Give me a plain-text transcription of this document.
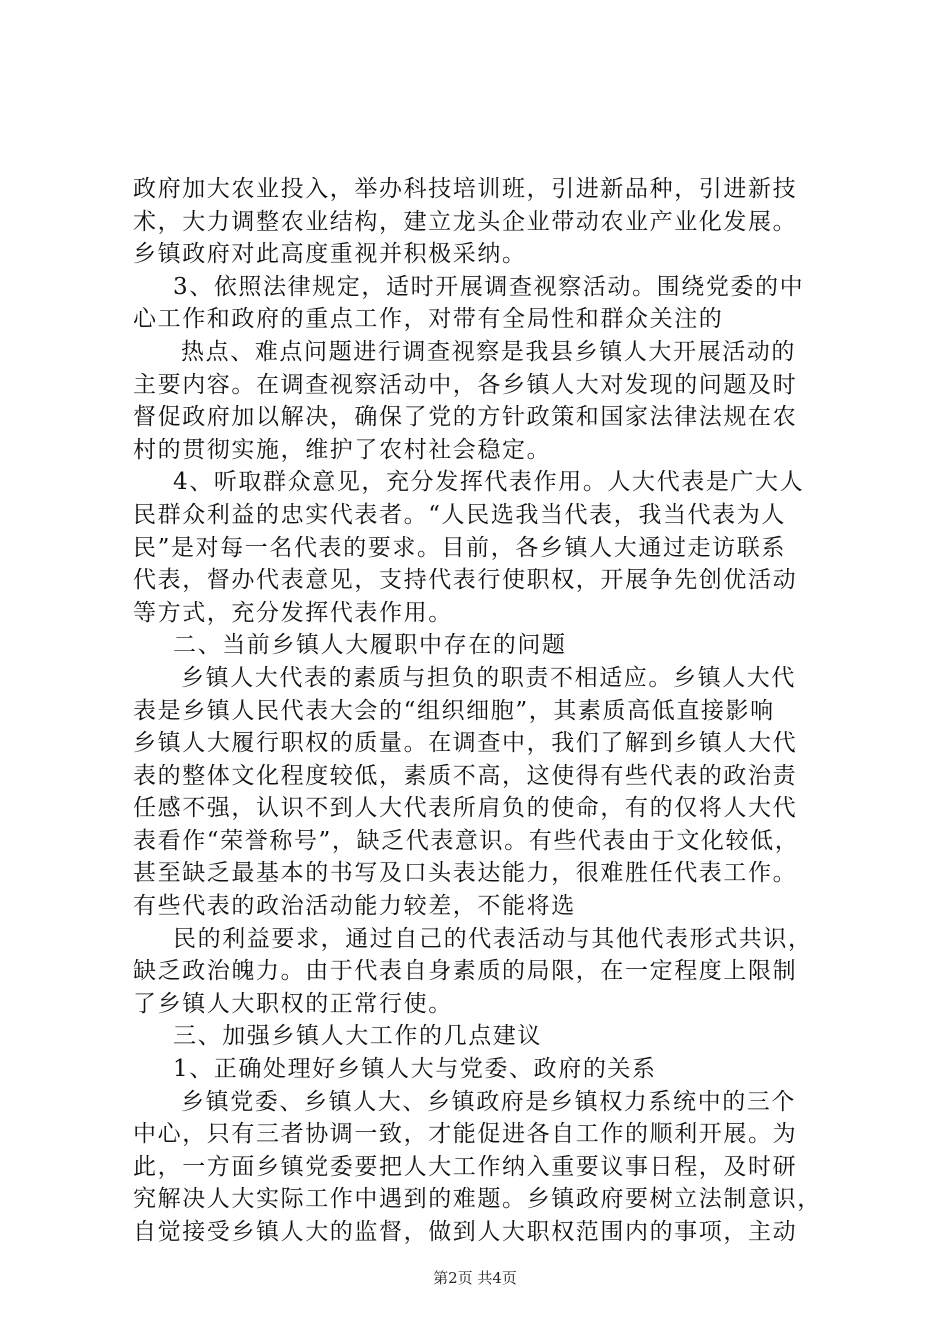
政府加大农业投入，举办科技培训班，引进新品种，引进新技
术，大力调整农业结构，建立龙头企业带动农业产业化发展。
乡镇政府对此高度重视并积极采纳。
3、依照法律规定，适时开展调查视察活动。围绕党委的中
心工作和政府的重点工作，对带有全局性和群众关注的
热点、难点问题进行调查视察是我县乡镇人大开展活动的
主要内容。在调查视察活动中，各乡镇人大对发现的问题及时
督促政府加以解决，确保了党的方针政策和国家法律法规在农
村的贯彻实施，维护了农村社会稳定。
4、听取群众意见，充分发挥代表作用。人大代表是广大人
民群众利益的忠实代表者。“人民选我当代表，我当代表为人
民”是对每一名代表的要求。目前，各乡镇人大通过走访联系
代表，督办代表意见，支持代表行使职权，开展争先创优活动
等方式，充分发挥代表作用。
二、当前乡镇人大履职中存在的问题
乡镇人大代表的素质与担负的职责不相适应。乡镇人大代
表是乡镇人民代表大会的“组织细胞”，其素质高低直接影响
乡镇人大履行职权的质量。在调查中，我们了解到乡镇人大代
表的整体文化程度较低，素质不高，这使得有些代表的政治责
任感不强，认识不到人大代表所肩负的使命，有的仅将人大代
表看作“荣誉称号”，缺乏代表意识。有些代表由于文化较低，
甚至缺乏最基本的书写及口头表达能力，很难胜任代表工作。
有些代表的政治活动能力较差，不能将选
民的利益要求，通过自己的代表活动与其他代表形式共识，
缺乏政治魄力。由于代表自身素质的局限，在一定程度上限制
了乡镇人大职权的正常行使。
三、加强乡镇人大工作的几点建议
1、正确处理好乡镇人大与党委、政府的关系
乡镇党委、乡镇人大、乡镇政府是乡镇权力系统中的三个
中心，只有三者协调一致，才能促进各自工作的顺利开展。为
此，一方面乡镇党委要把人大工作纳入重要议事日程，及时研
究解决人大实际工作中遇到的难题。乡镇政府要树立法制意识，
自觉接受乡镇人大的监督，做到人大职权范围内的事项，主动
第2页 共4页
